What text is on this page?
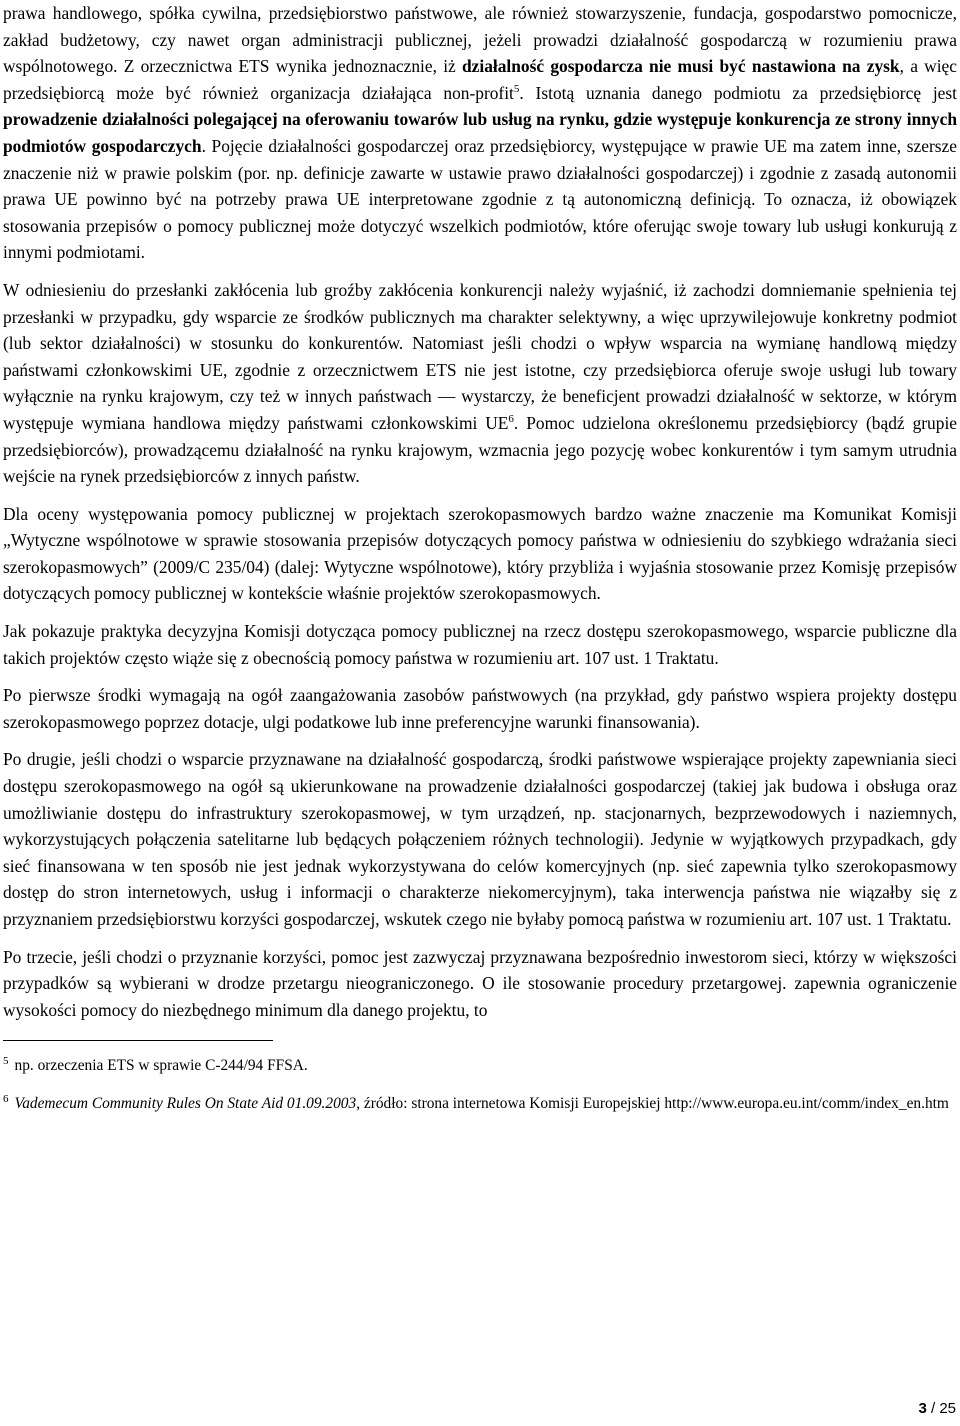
prawa handlowego, spółka cywilna, przedsiębiorstwo państwowe, ale również stowarzyszenie, fundacja, gospodarstwo pomocnicze, zakład budżetowy, czy nawet organ administracji publicznej, jeżeli prowadzi działalność gospodarczą w rozumieniu prawa wspólnotowego. Z orzecznictwa ETS wynika jednoznacznie, iż działalność gospodarcza nie musi być nastawiona na zysk, a więc przedsiębiorcą może być również organizacja działająca non-profit$^5$. Istotą uznania danego podmiotu za przedsiębiorcę jest prowadzenie działalności polegającej na oferowaniu towarów lub usług na rynku, gdzie występuje konkurencja ze strony innych podmiotów gospodarczych. Pojęcie działalności gospodarczej oraz przedsiębiorcy, występujące w prawie UE ma zatem inne, szersze znaczenie niż w prawie polskim (por. np. definicje zawarte w ustawie prawo działalności gospodarczej) i zgodnie z zasadą autonomii prawa UE powinno być na potrzeby prawa UE interpretowane zgodnie z tą autonomiczną definicją. To oznacza, iż obowiązek stosowania przepisów o pomocy publicznej może dotyczyć wszelkich podmiotów, które oferując swoje towary lub usługi konkurują z innymi podmiotami.

W odniesieniu do przesłanki zakłócenia lub groźby zakłócenia konkurencji należy wyjaśnić, iż zachodzi domniemanie spełnienia tej przesłanki w przypadku, gdy wsparcie ze środków publicznych ma charakter selektywny, a więc uprzywilejowuje konkretny podmiot (lub sektor działalności) w stosunku do konkurentów. Natomiast jeśli chodzi o wpływ wsparcia na wymianę handlową między państwami członkowskimi UE, zgodnie z orzecznictwem ETS nie jest istotne, czy przedsiębiorca oferuje swoje usługi lub towary wyłącznie na rynku krajowym, czy też w innych państwach — wystarczy, że beneficjent prowadzi działalność w sektorze, w którym występuje wymiana handlowa między państwami członkowskimi $UE^6$. Pomoc udzielona określonemu przedsiębiorcy (bądź grupie przedsiębiorców), prowadzącemu działalność na rynku krajowym, wzmacnia jego pozycję wobec konkurentów i tym samym utrudnia wejście na rynek przedsiębiorców z innych państw.

Dla oceny występowania pomocy publicznej w projektach szerokopasmowych bardzo ważne znaczenie ma Komunikat Komisji „Wytyczne wspólnotowe w sprawie stosowania przepisów dotyczących pomocy państwa w odniesieniu do szybkiego wdrażania sieci szerokopasmowych” (2009/C 235/04) (dalej: Wytyczne wspólnotowe), który przybliża i wyjaśnia stosowanie przez Komisję przepisów dotyczących pomocy publicznej w kontekście właśnie projektów szerokopasmowych.

Jak pokazuje praktyka decyzyjna Komisji dotycząca pomocy publicznej na rzecz dostępu szerokopasmowego, wsparcie publiczne dla takich projektów często wiąże się z obecnością pomocy państwa w rozumieniu art. 107 ust. 1 Traktatu.

Po pierwsze środki wymagają na ogół zaangażowania zasobów państwowych (na przykład, gdy państwo wspiera projekty dostępu szerokopasmowego poprzez dotacje, ulgi podatkowe lub inne preferencyjne warunki finansowania).

Po drugie, jeśli chodzi o wsparcie przyznawane na działalność gospodarczą, środki państwowe wspierające projekty zapewniania sieci dostępu szerokopasmowego na ogół są ukierunkowane na prowadzenie działalności gospodarczej (takiej jak budowa i obsługa oraz umożliwianie dostępu do infrastruktury szerokopasmowej, w tym urządzeń, np. stacjonarnych, bezprzewodowych i naziemnych, wykorzystujących połączenia satelitarne lub będących połączeniem różnych technologii). Jedynie w wyjątkowych przypadkach, gdy sieć finansowana w ten sposób nie jest jednak wykorzystywana do celów komercyjnych (np. sieć zapewnia tylko szerokopasmowy dostęp do stron internetowych, usług i informacji o charakterze niekomercyjnym), taka interwencja państwa nie wiązałby się z przyznaniem przedsiębiorstwu korzyści gospodarczej, wskutek czego nie byłaby pomocą państwa w rozumieniu art. 107 ust. 1 Traktatu.

Po trzecie, jeśli chodzi o przyznanie korzyści, pomoc jest zazwyczaj przyznawana bezpośrednio inwestorom sieci, którzy w większości przypadków są wybierani w drodze przetargu nieograniczonego. O ile stosowanie procedury przetargowej. zapewnia ograniczenie wysokości pomocy do niezbędnego minimum dla danego projektu, to

$^5$ np. orzeczenia ETS w sprawie C-244/94 FFSA.
$^6$ Vademecum Community Rules On State Aid 01.09.2003, źródło: strona internetowa Komisji Europejskiej http://www.europa.eu.int/comm/index_en.htm
3 / 25
